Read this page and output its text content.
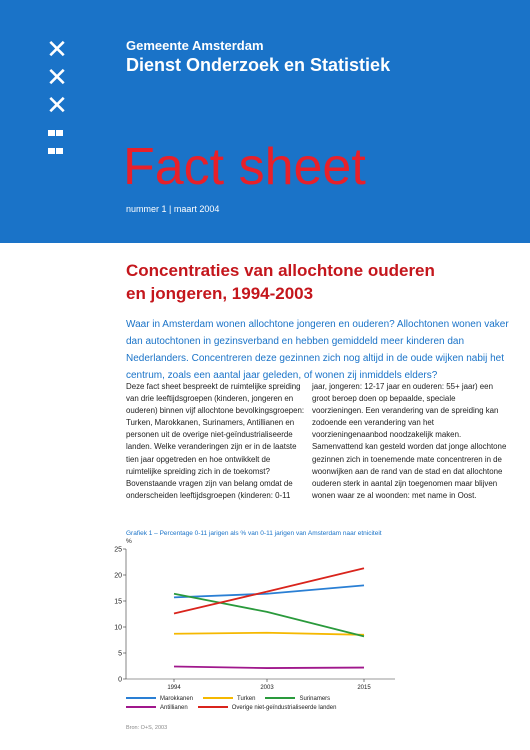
✕
✕
✕
Gemeente Amsterdam
Dienst Onderzoek en Statistiek
Fact sheet
nummer 1 | maart 2004
Concentraties van allochtone ouderen
en jongeren, 1994-2003
Waar in Amsterdam wonen allochtone jongeren en ouderen? Allochtonen wonen vaker dan autochtonen in gezinsverband en hebben gemiddeld meer kinderen dan Nederlanders. Concentreren deze gezinnen zich nog altijd in de oude wijken nabij het centrum, zoals een aantal jaar geleden, of wonen zij inmiddels elders?
Deze fact sheet bespreekt de ruimtelijke spreiding van drie leeftijdsgroepen (kinderen, jongeren en ouderen) binnen vijf allochtone bevolkingsgroepen: Turken, Marokkanen, Surinamers, Antillianen en personen uit de overige niet-geïndustrialiseerde landen. Welke veranderingen zijn er in de laatste tien jaar opgetreden en hoe ontwikkelt de ruimtelijke spreiding zich in de toekomst? Bovenstaande vragen zijn van belang omdat de onderscheiden leeftijdsgroepen (kinderen: 0-11
jaar, jongeren: 12-17 jaar en ouderen: 55+ jaar) een groot beroep doen op bepaalde, speciale voorzieningen. Een verandering van de spreiding kan zodoende een verandering van het voorzieningenaanbod noodzakelijk maken. Samenvattend kan gesteld worden dat jonge allochtone gezinnen zich in toenemende mate concentreren in de woonwijken aan de rand van de stad en dat allochtone ouderen sterk in aantal zijn toegenomen maar blijven wonen waar ze al woonden: met name in Oost.
Grafiek 1 – Percentage 0-11 jarigen als % van 0-11 jarigen van Amsterdam naar etniciteit
%
0
5
10
15
20
25
1994	2003	2015
Marokkanen	Turken	SurinamersAntillianen	Overige niet-geïndustrialiseerde landen
Bron: O+S, 2003
